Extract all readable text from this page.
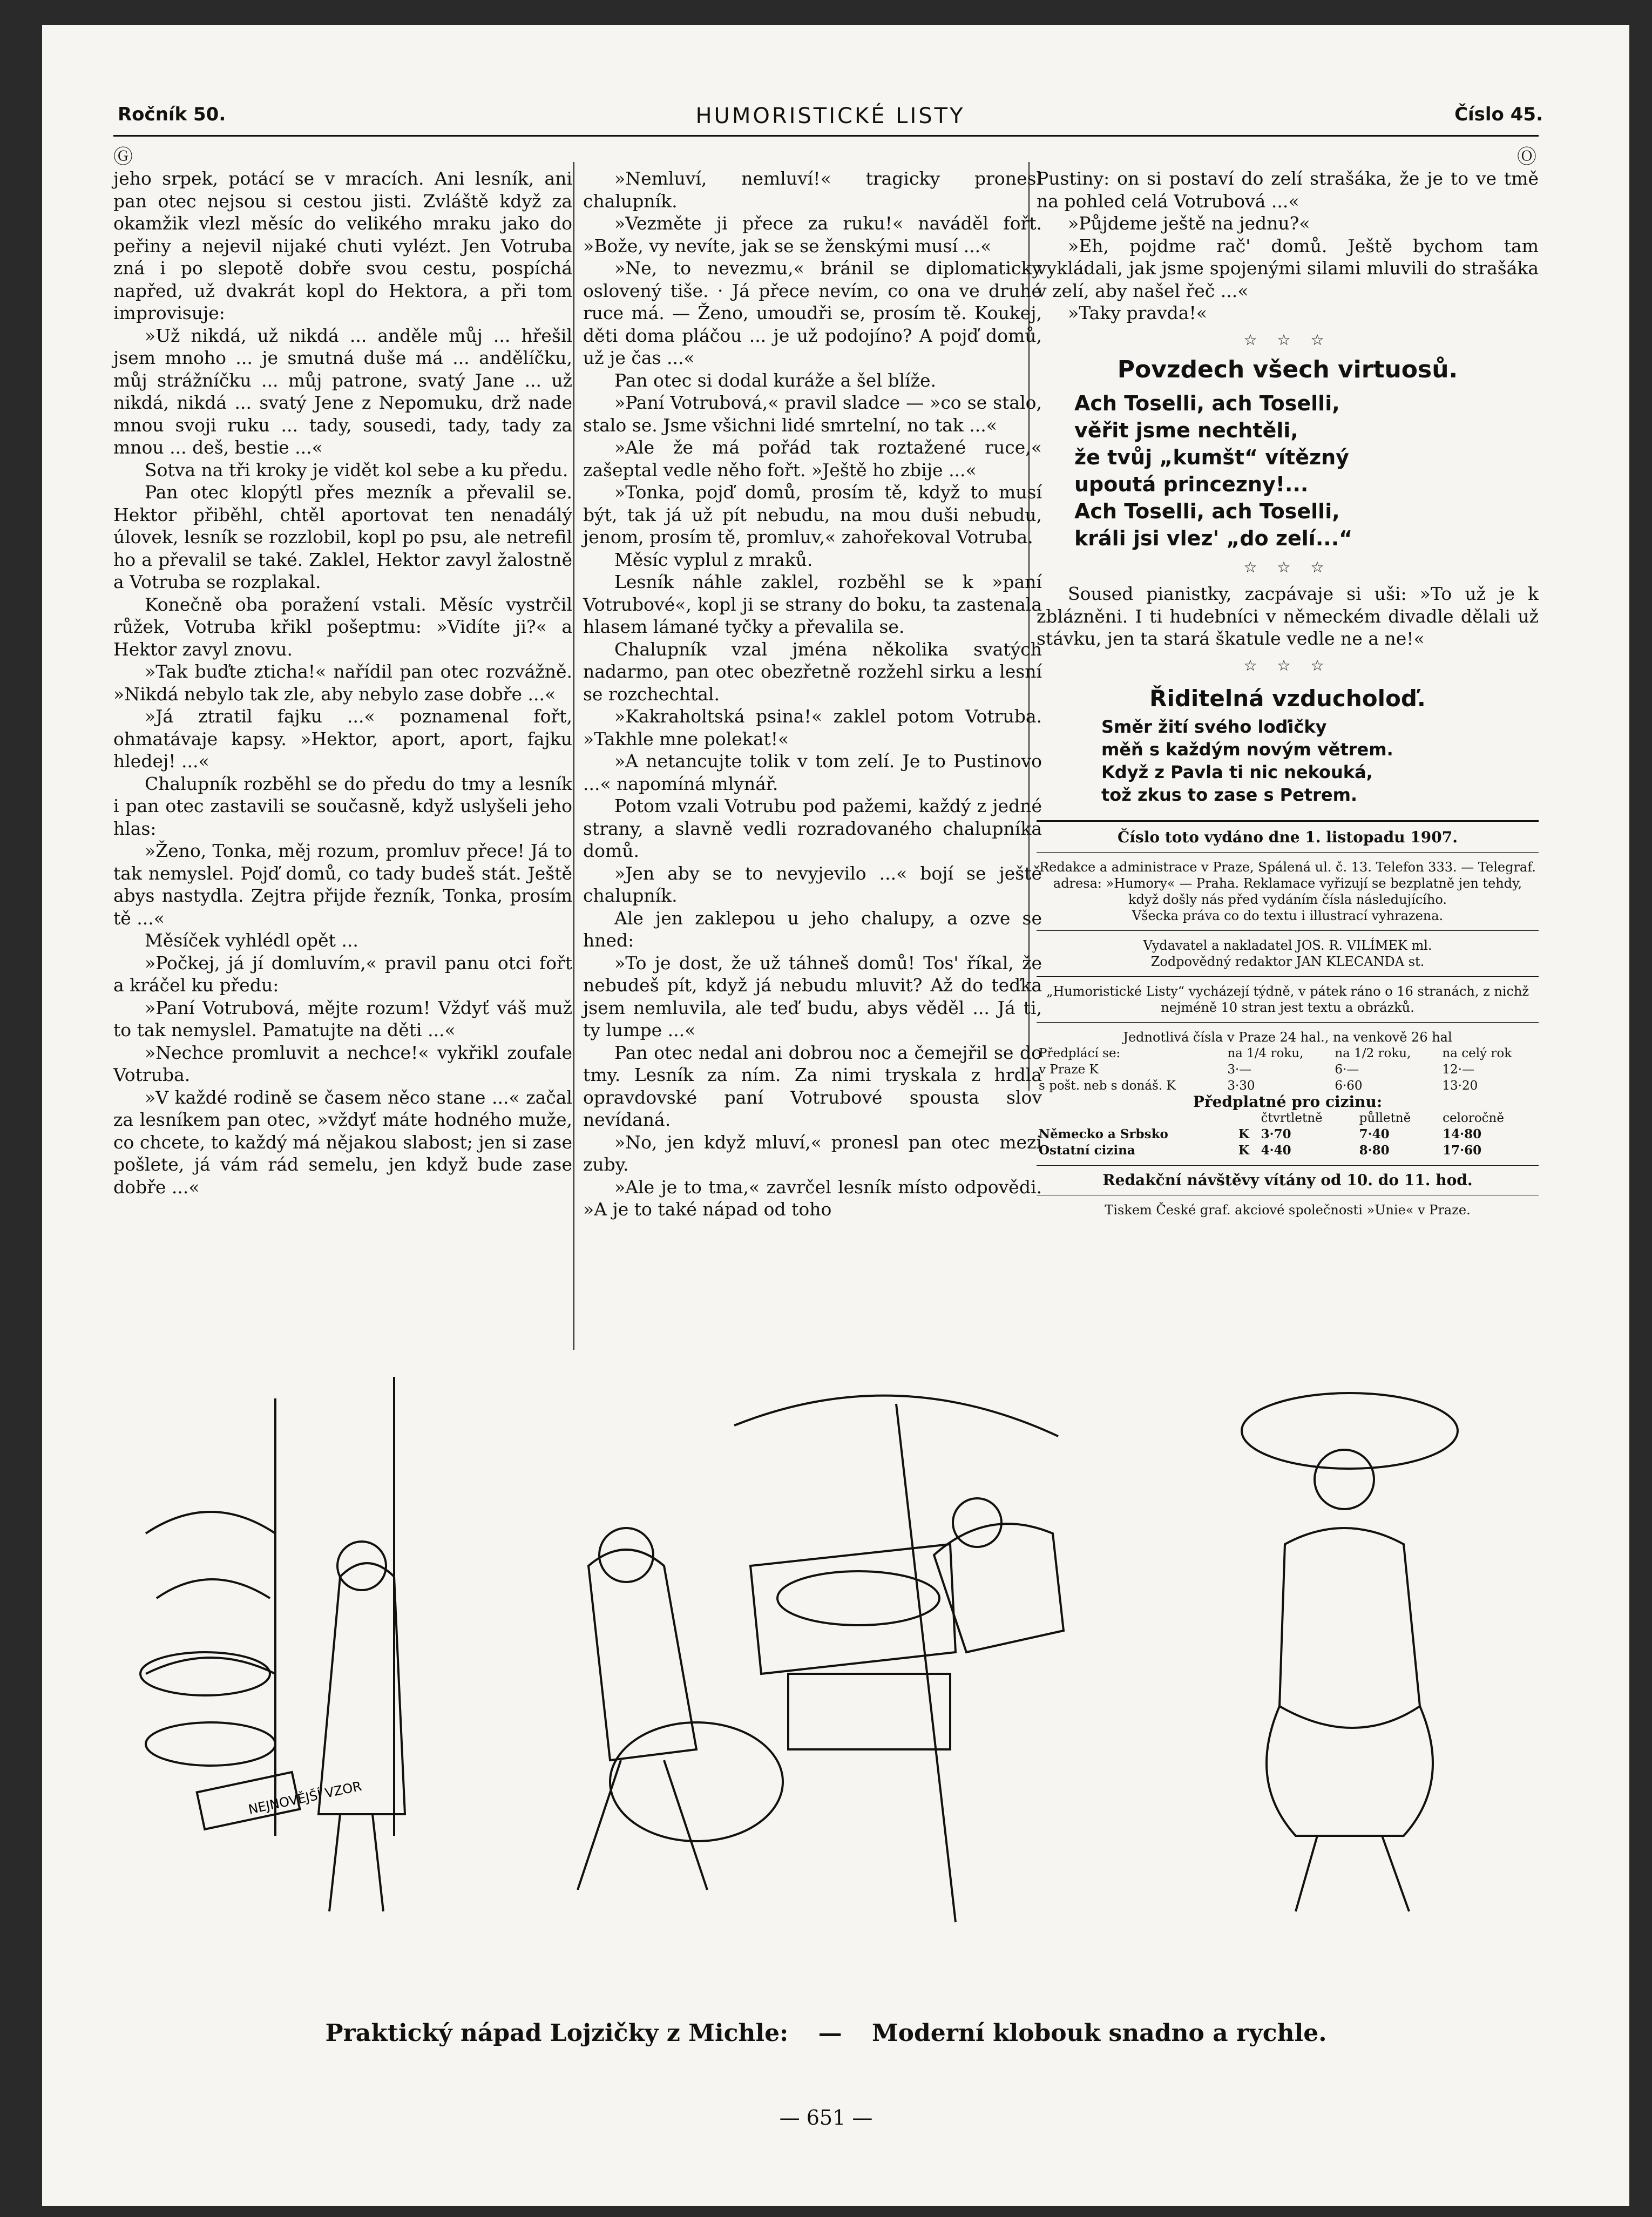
Ročník 50.	HUMORISTICKÉ LISTY	Číslo 45.
Ⓖ	Ⓞ

jeho srpek, potácí se v mracích. Ani lesník, ani pan otec nejsou si cestou jisti. Zvláště když za okamžik vlezl měsíc do velikého mraku jako do peřiny a nejevil nijaké chuti vylézt. Jen Votruba zná i po slepotě dobře svou cestu, pospíchá napřed, už dvakrát kopl do Hektora, a při tom improvisuje:

»Už nikdá, už nikdá ... anděle můj ... hřešil jsem mnoho ... je smutná duše má ... andělíčku, můj strážníčku ... můj patrone, svatý Jane ... už nikdá, nikdá ... svatý Jene z Nepomuku, drž nade mnou svoji ruku ... tady, sousedi, tady, tady za mnou ... deš, bestie ...«

Sotva na tři kroky je vidět kol sebe a ku předu.

Pan otec klopýtl přes mezník a převalil se. Hektor přiběhl, chtěl aportovat ten nenadálý úlovek, lesník se rozzlobil, kopl po psu, ale netrefil ho a převalil se také. Zaklel, Hektor zavyl žalostně a Votruba se rozplakal.

Konečně oba poražení vstali. Měsíc vystrčil růžek, Votruba křikl pošeptmu: »Vidíte ji?« a Hektor zavyl znovu.

»Tak buďte zticha!« nařídil pan otec rozvážně. »Nikdá nebylo tak zle, aby nebylo zase dobře ...«

»Já ztratil fajku ...« poznamenal fořt, ohmatávaje kapsy. »Hektor, aport, aport, fajku hledej! ...«

Chalupník rozběhl se do předu do tmy a lesník i pan otec zastavili se současně, když uslyšeli jeho hlas:

»Ženo, Tonka, měj rozum, promluv přece! Já to tak nemyslel. Pojď domů, co tady budeš stát. Ještě abys nastydla. Zejtra přijde řezník, Tonka, prosím tě ...«

Měsíček vyhlédl opět ...

»Počkej, já jí domluvím,« pravil panu otci fořt a kráčel ku předu:

»Paní Votrubová, mějte rozum! Vždyť váš muž to tak nemyslel. Pamatujte na děti ...«

»Nechce promluvit a nechce!« vykřikl zoufale Votruba.

»V každé rodině se časem něco stane ...« začal za lesníkem pan otec, »vždyť máte hodného muže, co chcete, to každý má nějakou slabost; jen si zase pošlete, já vám rád semelu, jen když bude zase dobře ...«

»Nemluví, nemluví!« tragicky pronesl chalupník.

»Vezměte ji přece za ruku!« naváděl fořt. »Bože, vy nevíte, jak se se ženskými musí ...«

»Ne, to nevezmu,« bránil se diplomaticky oslovený tiše. · Já přece nevím, co ona ve druhé ruce má. — Ženo, umoudři se, prosím tě. Koukej, děti doma pláčou ... je už podojíno? A pojď domů, už je čas ...«

Pan otec si dodal kuráže a šel blíže.

»Paní Votrubová,« pravil sladce — »co se stalo, stalo se. Jsme všichni lidé smrtelní, no tak ...«

»Ale že má pořád tak roztažené ruce,« zašeptal vedle něho fořt. »Ještě ho zbije ...«

»Tonka, pojď domů, prosím tě, když to musí být, tak já už pít nebudu, na mou duši nebudu, jenom, prosím tě, promluv,« zahořekoval Votruba.

Měsíc vyplul z mraků.

Lesník náhle zaklel, rozběhl se k »paní Votrubové«, kopl ji se strany do boku, ta zastenala hlasem lámané tyčky a převalila se.

Chalupník vzal jména několika svatých nadarmo, pan otec obezřetně rozžehl sirku a lesní se rozchechtal.

»Kakraholtská psina!« zaklel potom Votruba. »Takhle mne polekat!«

»A netancujte tolik v tom zelí. Je to Pustinovo ...« napomíná mlynář.

Potom vzali Votrubu pod pažemi, každý z jedné strany, a slavně vedli rozradovaného chalupníka domů.

»Jen aby se to nevyjevilo ...« bojí se ještě chalupník.

Ale jen zaklepou u jeho chalupy, a ozve se hned:

»To je dost, že už táhneš domů! Tos' říkal, že nebudeš pít, když já nebudu mluvit? Až do teďka jsem nemluvila, ale teď budu, abys věděl ... Já ti, ty lumpe ...«

Pan otec nedal ani dobrou noc a čemejřil se do tmy. Lesník za ním. Za nimi tryskala z hrdla opravdovské paní Votrubové spousta slov nevídaná.

»No, jen když mluví,« pronesl pan otec mezi zuby.

»Ale je to tma,« zavrčel lesník místo odpovědi. »A je to také nápad od toho

Pustiny: on si postaví do zelí strašáka, že je to ve tmě na pohled celá Votrubová ...«

»Půjdeme ještě na jednu?«

»Eh, pojdme rač' domů. Ještě bychom tam vykládali, jak jsme spojenými silami mluvili do strašáka v zelí, aby našel řeč ...«

»Taky pravda!«

☆ ☆ ☆
Povzdech všech virtuosů.
Ach Toselli, ach Toselli,
věřit jsme nechtěli,
že tvůj „kumšt“ vítězný
upoutá princezny!...
Ach Toselli, ach Toselli,
králi jsi vlez' „do zelí...“
☆ ☆ ☆

Soused pianistky, zacpávaje si uši: »To už je k zblázněni. I ti hudebníci v německém divadle dělali už stávku, jen ta stará škatule vedle ne a ne!«

☆ ☆ ☆
Řiditelná vzducholoď.
Směr žití svého loďičky
měň s každým novým větrem.
Když z Pavla ti nic nekouká,
tož zkus to zase s Petrem.
Číslo toto vydáno dne 1. listopadu 1907.
Redakce a administrace v Praze, Spálená ul. č. 13. Telefon 333. — Telegraf. adresa: »Humory« — Praha. Reklamace vyřizují se bezplatně jen tehdy, když došly nás před vydáním čísla následujícího.
Všecka práva co do textu i illustrací vyhrazena.
Vydavatel a nakladatel JOS. R. VILÍMEK ml.
Zodpovědný redaktor JAN KLECANDA st.
„Humoristické Listy“ vycházejí týdně, v pátek ráno o 16 stranách, z nichž nejméně 10 stran jest textu a obrázků.
Jednotlivá čísla v Praze 24 hal., na venkově 26 hal
Předplácí se:	na 1/4 roku,	na 1/2 roku,	na celý rok
v Praze K	3·—	6·—	12·—
s pošt. neb s donáš. K	3·30	6·60	13·20
Předplatné pro cizinu:
		čtvrtletně	půlletně	celoročně
Německo a Srbsko	K	3·70	7·40	14·80
Ostatní cizina	K	4·40	8·80	17·60
Redakční návštěvy vítány od 10. do 11. hod.
Tiskem České graf. akciové společnosti »Unie« v Praze.
NEJNOVĚJŠÍ VZOR
Praktický nápad Lojzičky z Michle: — Moderní klobouk snadno a rychle.
— 651 —
